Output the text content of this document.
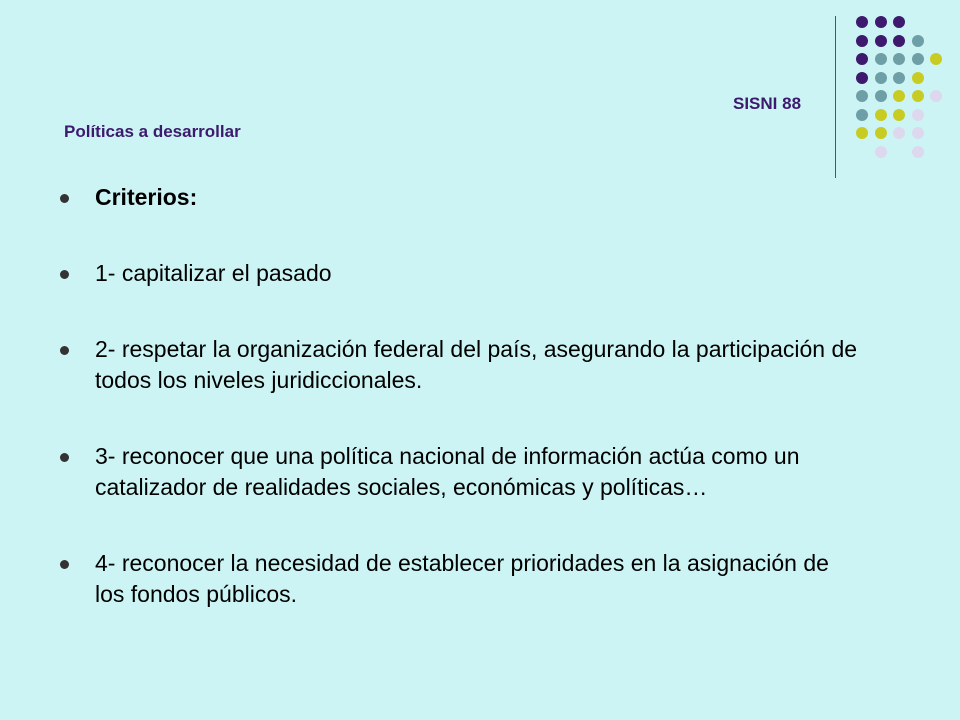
SISNI 88
Políticas a desarrollar
Criterios:
1- capitalizar el pasado
2- respetar la organización federal del país, asegurando la participación de todos los niveles juridiccionales.
3- reconocer que una política nacional de información actúa como un catalizador de realidades sociales, económicas y políticas…
4- reconocer la necesidad de establecer prioridades en la asignación de los fondos públicos.
